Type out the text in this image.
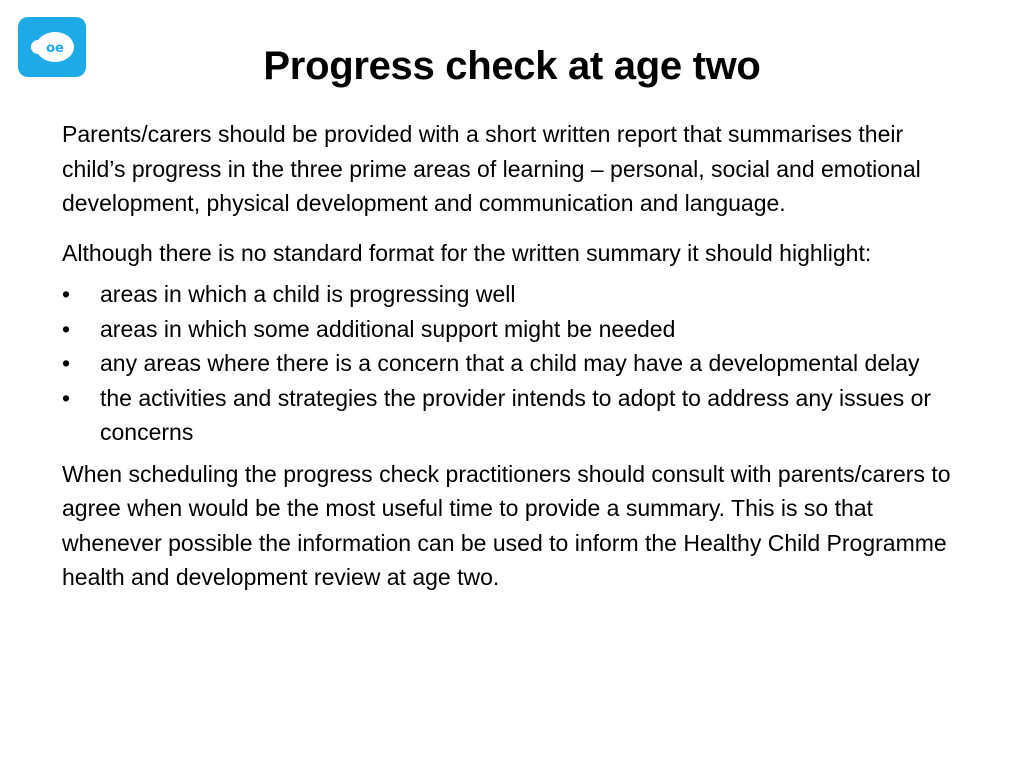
oe	Progress check at age two

Parents/carers should be provided with a short written report that summarises their child’s progress in the three prime areas of learning – personal, social and emotional development, physical development and communication and language.

Although there is no standard format for the written summary it should highlight:

• areas in which a child is progressing well
• areas in which some additional support might be needed
• any areas where there is a concern that a child may have a developmental delay
• the activities and strategies the provider intends to adopt to address any issues or concerns

When scheduling the progress check practitioners should consult with parents/carers to agree when would be the most useful time to provide a summary. This is so that whenever possible the information can be used to inform the Healthy Child Programme health and development review at age two.
